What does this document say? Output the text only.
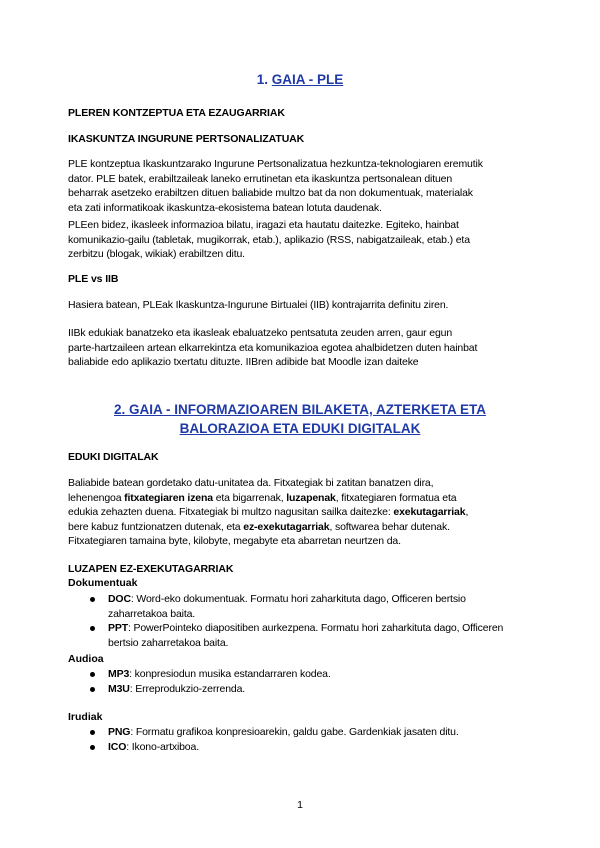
1. GAIA - PLE
PLEREN KONTZEPTUA ETA EZAUGARRIAK
IKASKUNTZA INGURUNE PERTSONALIZATUAK
PLE kontzeptua Ikaskuntzarako Ingurune Pertsonalizatua hezkuntza-teknologiaren eremutik
dator. PLE batek, erabiltzaileak laneko errutinetan eta ikaskuntza pertsonalean dituen
beharrak asetzeko erabiltzen dituen baliabide multzo bat da non dokumentuak, materialak
eta zati informatikoak ikaskuntza-ekosistema batean lotuta daudenak.
PLEen bidez, ikasleek informazioa bilatu, iragazi eta hautatu daitezke. Egiteko, hainbat
komunikazio-gailu (tabletak, mugikorrak, etab.), aplikazio (RSS, nabigatzaileak, etab.) eta
zerbitzu (blogak, wikiak) erabiltzen ditu.
PLE vs IIB
Hasiera batean, PLEak Ikaskuntza-Ingurune Birtualei (IIB) kontrajarrita definitu ziren.
IIBk edukiak banatzeko eta ikasleak ebaluatzeko pentsatuta zeuden arren, gaur egun
parte-hartzaileen artean elkarrekintza eta komunikazioa egotea ahalbidetzen duten hainbat
baliabide edo aplikazio txertatu dituzte. IIBren adibide bat Moodle izan daiteke
2. GAIA - INFORMAZIOAREN BILAKETA, AZTERKETA ETA
BALORAZIOA ETA EDUKI DIGITALAK
EDUKI DIGITALAK
Baliabide batean gordetako datu-unitatea da. Fitxategiak bi zatitan banatzen dira,
lehenengoa fitxategiaren izena eta bigarrenak, luzapenak, fitxategiaren formatua eta
edukia zehazten duena. Fitxategiak bi multzo nagusitan sailka daitezke: exekutagarriak,
bere kabuz funtzionatzen dutenak, eta ez-exekutagarriak, softwarea behar dutenak.
Fitxategiaren tamaina byte, kilobyte, megabyte eta abarretan neurtzen da.
LUZAPEN EZ-EXEKUTAGARRIAK
Dokumentuak
DOC: Word-eko dokumentuak. Formatu hori zaharkituta dago, Officeren bertsio
zaharretakoa baita.
PPT: PowerPointeko diapositiben aurkezpena. Formatu hori zaharkituta dago, Officeren
bertsio zaharretakoa baita.
Audioa
MP3: konpresiodun musika estandarraren kodea.
M3U: Erreprodukzio-zerrenda.
Irudiak
PNG: Formatu grafikoa konpresioarekin, galdu gabe. Gardenkiak jasaten ditu.
ICO: Ikono-artxiboa.
1
